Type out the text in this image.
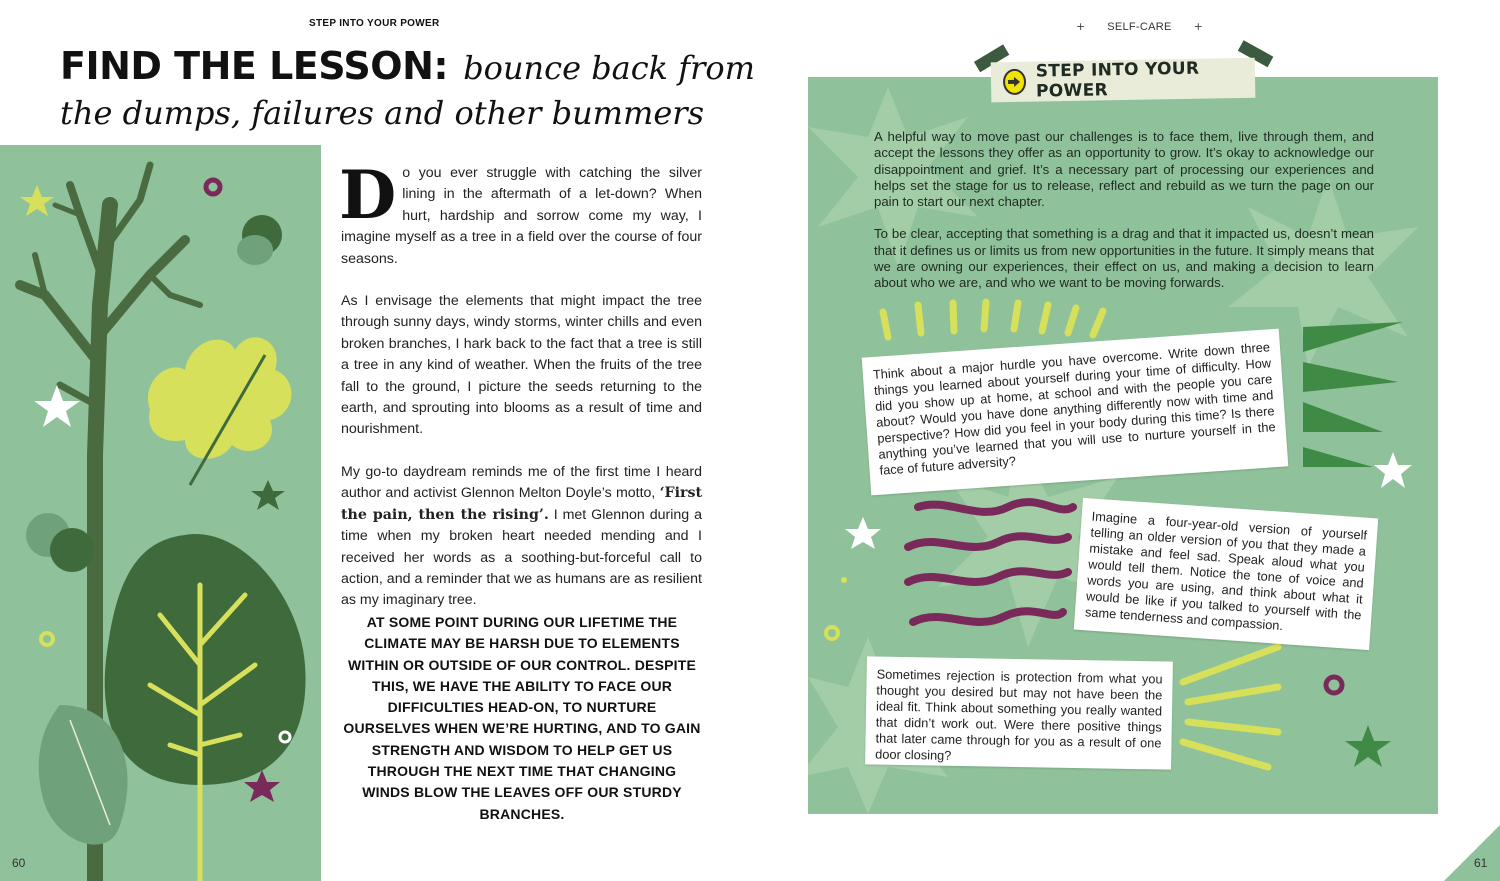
STEP INTO YOUR POWER
FIND THE LESSON: bounce back from
the dumps, failures and other bummers
60

Do you ever struggle with catching the silver lining in the aftermath of a let-down? When hurt, hardship and sorrow come my way, I imagine myself as a tree in a field over the course of four seasons.

As I envisage the elements that might impact the tree through sunny days, windy storms, winter chills and even broken branches, I hark back to the fact that a tree is still a tree in any kind of weather. When the fruits of the tree fall to the ground, I picture the seeds returning to the earth, and sprouting into blooms as a result of time and nourishment.

My go-to daydream reminds me of the first time I heard author and activist Glennon Melton Doyle’s motto, ‘First the pain, then the rising’. I met Glennon during a time when my broken heart needed mending and I received her words as a soothing-but-forceful call to action, and a reminder that we as humans are as resilient as my imaginary tree.

AT SOME POINT DURING OUR LIFETIME THE CLIMATE MAY BE HARSH DUE TO ELEMENTS WITHIN OR OUTSIDE OF OUR CONTROL. DESPITE THIS, WE HAVE THE ABILITY TO FACE OUR DIFFICULTIES HEAD-ON, TO NURTURE OURSELVES WHEN WE’RE HURTING, AND TO GAIN STRENGTH AND WISDOM TO HELP GET US THROUGH THE NEXT TIME THAT CHANGING WINDS BLOW THE LEAVES OFF OUR STURDY BRANCHES.
+ SELF-CARE +
STEP INTO YOUR POWER

A helpful way to move past our challenges is to face them, live through them, and accept the lessons they offer as an opportunity to grow. It’s okay to acknowledge our disappointment and grief. It’s a necessary part of processing our experiences and helps set the stage for us to release, reflect and rebuild as we turn the page on our pain to start our next chapter.

To be clear, accepting that something is a drag and that it impacted us, doesn’t mean that it defines us or limits us from new opportunities in the future. It simply means that we are owning our experiences, their effect on us, and making a decision to learn about who we are, and who we want to be moving forwards.

Think about a major hurdle you have overcome. Write down three things you learned about yourself during your time of difficulty. How did you show up at home, at school and with the people you care about? Would you have done anything differently now with time and perspective? How did you feel in your body during this time? Is there anything you’ve learned that you will use to nurture yourself in the face of future adversity?
Imagine a four-year-old version of yourself telling an older version of you that they made a mistake and feel sad. Speak aloud what you would tell them. Notice the tone of voice and words you are using, and think about what it would be like if you talked to yourself with the same tenderness and compassion.
Sometimes rejection is protection from what you thought you desired but may not have been the ideal fit. Think about something you really wanted that didn’t work out. Were there positive things that later came through for you as a result of one door closing?
61
